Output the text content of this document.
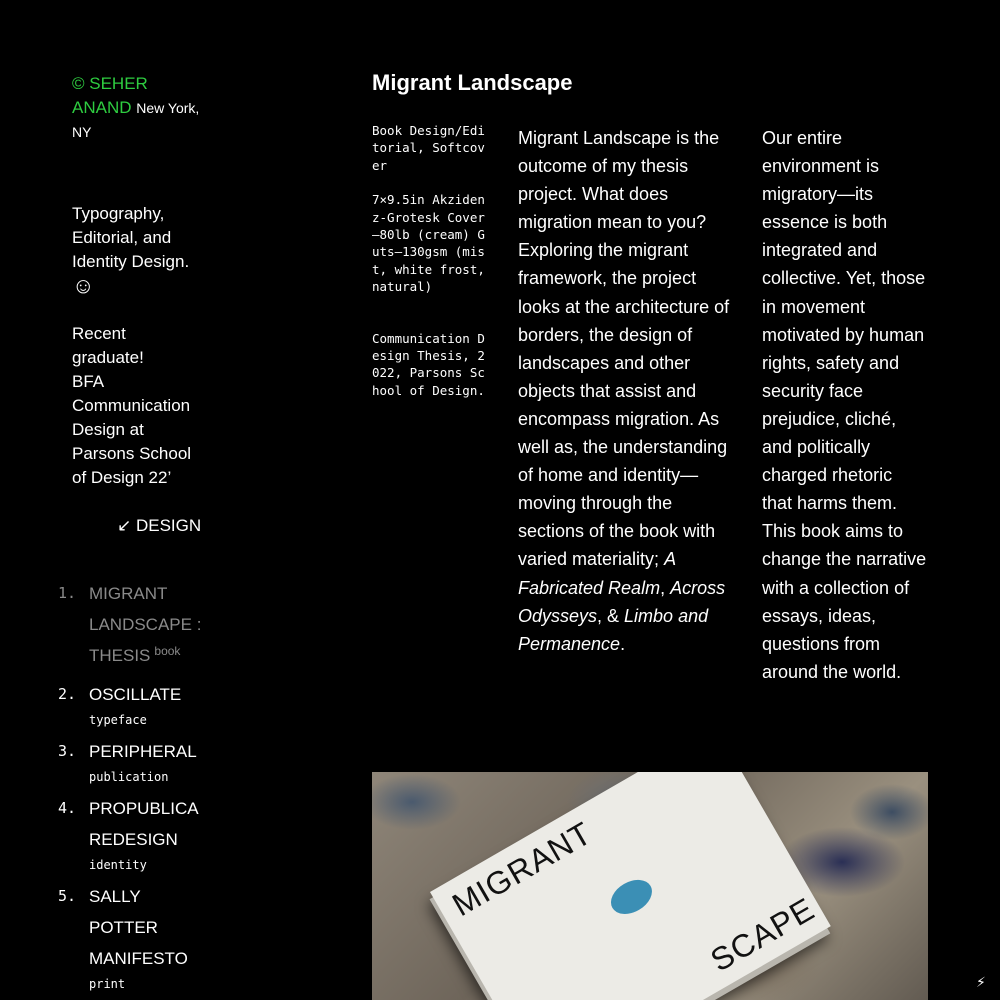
© SEHER ANAND New York, NY

Typography, Editorial, and Identity Design. ☺

Recent graduate!
BFA Communication Design at Parsons School of Design 22’

↙ DESIGN
1. MIGRANT LANDSCAPE : THESIS $^{book}$
2. OSCILLATE
typeface
3. PERIPHERAL
publication
4. PROPUBLICA REDESIGN
identity
5. SALLY POTTER MANIFESTO
print
Migrant Landscape

Book Design/Editorial, Softcover

7×9.5in Akzidenz-Grotesk Cover—80lb (cream) Guts—130gsm (mist, white frost, natural)

Communication Design Thesis, 2022, Parsons School of Design.

Migrant Landscape is the outcome of my thesis project. What does migration mean to you? Exploring the migrant framework, the project looks at the architecture of borders, the design of landscapes and other objects that assist and encompass migration. As well as, the understanding of home and identity—moving through the sections of the book with varied materiality; A Fabricated Realm, Across Odysseys, & Limbo and Permanence.

Our entire environment is migratory—its essence is both integrated and collective. Yet, those in movement motivated by human rights, safety and security face prejudice, cliché, and politically charged rhetoric that harms them. This book aims to change the narrative with a collection of essays, ideas, questions from around the world.

MIGRANT
SCAPE
⚡
